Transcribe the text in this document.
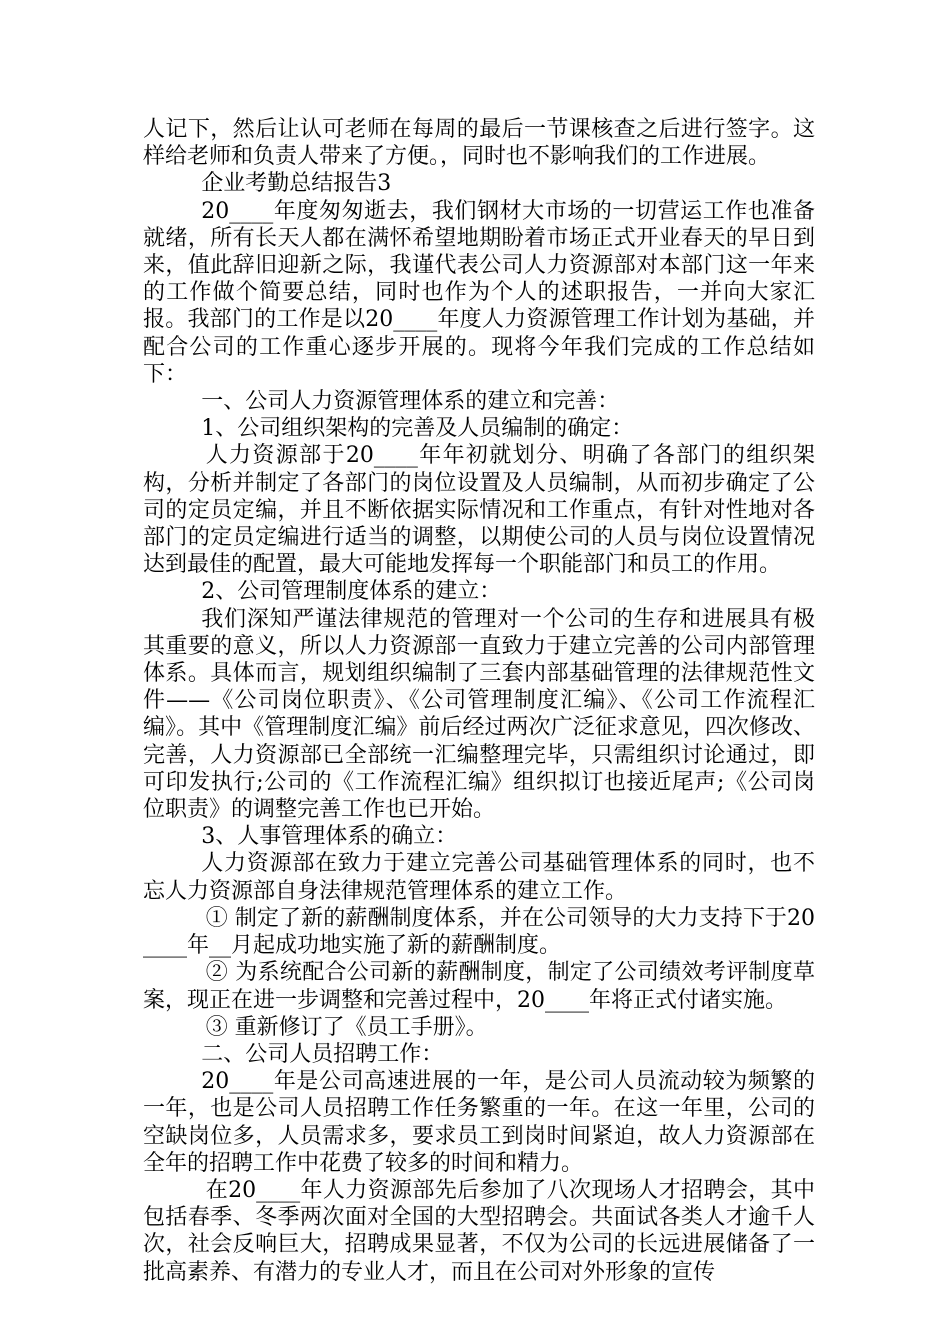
人记下，然后让认可老师在每周的最后一节课核查之后进行签字。这样给老师和负责人带来了方便。，同时也不影响我们的工作进展。

企业考勤总结报告3

20____年度匆匆逝去，我们钢材大市场的一切营运工作也准备就绪，所有长天人都在满怀希望地期盼着市场正式开业春天的早日到来，值此辞旧迎新之际，我谨代表公司人力资源部对本部门这一年来的工作做个简要总结，同时也作为个人的述职报告，一并向大家汇报。我部门的工作是以20____年度人力资源管理工作计划为基础，并配合公司的工作重心逐步开展的。现将今年我们完成的工作总结如下：

一、公司人力资源管理体系的建立和完善：

1、公司组织架构的完善及人员编制的确定：

人力资源部于20____年年初就划分、明确了各部门的组织架构，分析并制定了各部门的岗位设置及人员编制，从而初步确定了公司的定员定编，并且不断依据实际情况和工作重点，有针对性地对各部门的定员定编进行适当的调整，以期使公司的人员与岗位设置情况达到最佳的配置，最大可能地发挥每一个职能部门和员工的作用。

2、公司管理制度体系的建立：

我们深知严谨法律规范的管理对一个公司的生存和进展具有极其重要的意义，所以人力资源部一直致力于建立完善的公司内部管理体系。具体而言，规划组织编制了三套内部基础管理的法律规范性文件——《公司岗位职责》、《公司管理制度汇编》、《公司工作流程汇编》。其中《管理制度汇编》前后经过两次广泛征求意见，四次修改、完善，人力资源部已全部统一汇编整理完毕，只需组织讨论通过，即可印发执行;公司的《工作流程汇编》组织拟订也接近尾声;《公司岗位职责》的调整完善工作也已开始。

3、人事管理体系的确立：

人力资源部在致力于建立完善公司基础管理体系的同时，也不忘人力资源部自身法律规范管理体系的建立工作。

① 制定了新的薪酬制度体系，并在公司领导的大力支持下于20____年__月起成功地实施了新的薪酬制度。

② 为系统配合公司新的薪酬制度，制定了公司绩效考评制度草案，现正在进一步调整和完善过程中，20____年将正式付诸实施。

③ 重新修订了《员工手册》。

二、公司人员招聘工作：

20____年是公司高速进展的一年，是公司人员流动较为频繁的一年，也是公司人员招聘工作任务繁重的一年。在这一年里，公司的空缺岗位多，人员需求多，要求员工到岗时间紧迫，故人力资源部在全年的招聘工作中花费了较多的时间和精力。

在20____年人力资源部先后参加了八次现场人才招聘会，其中包括春季、冬季两次面对全国的大型招聘会。共面试各类人才逾千人次，社会反响巨大，招聘成果显著，不仅为公司的长远进展储备了一批高素养、有潜力的专业人才，而且在公司对外形象的宣传
